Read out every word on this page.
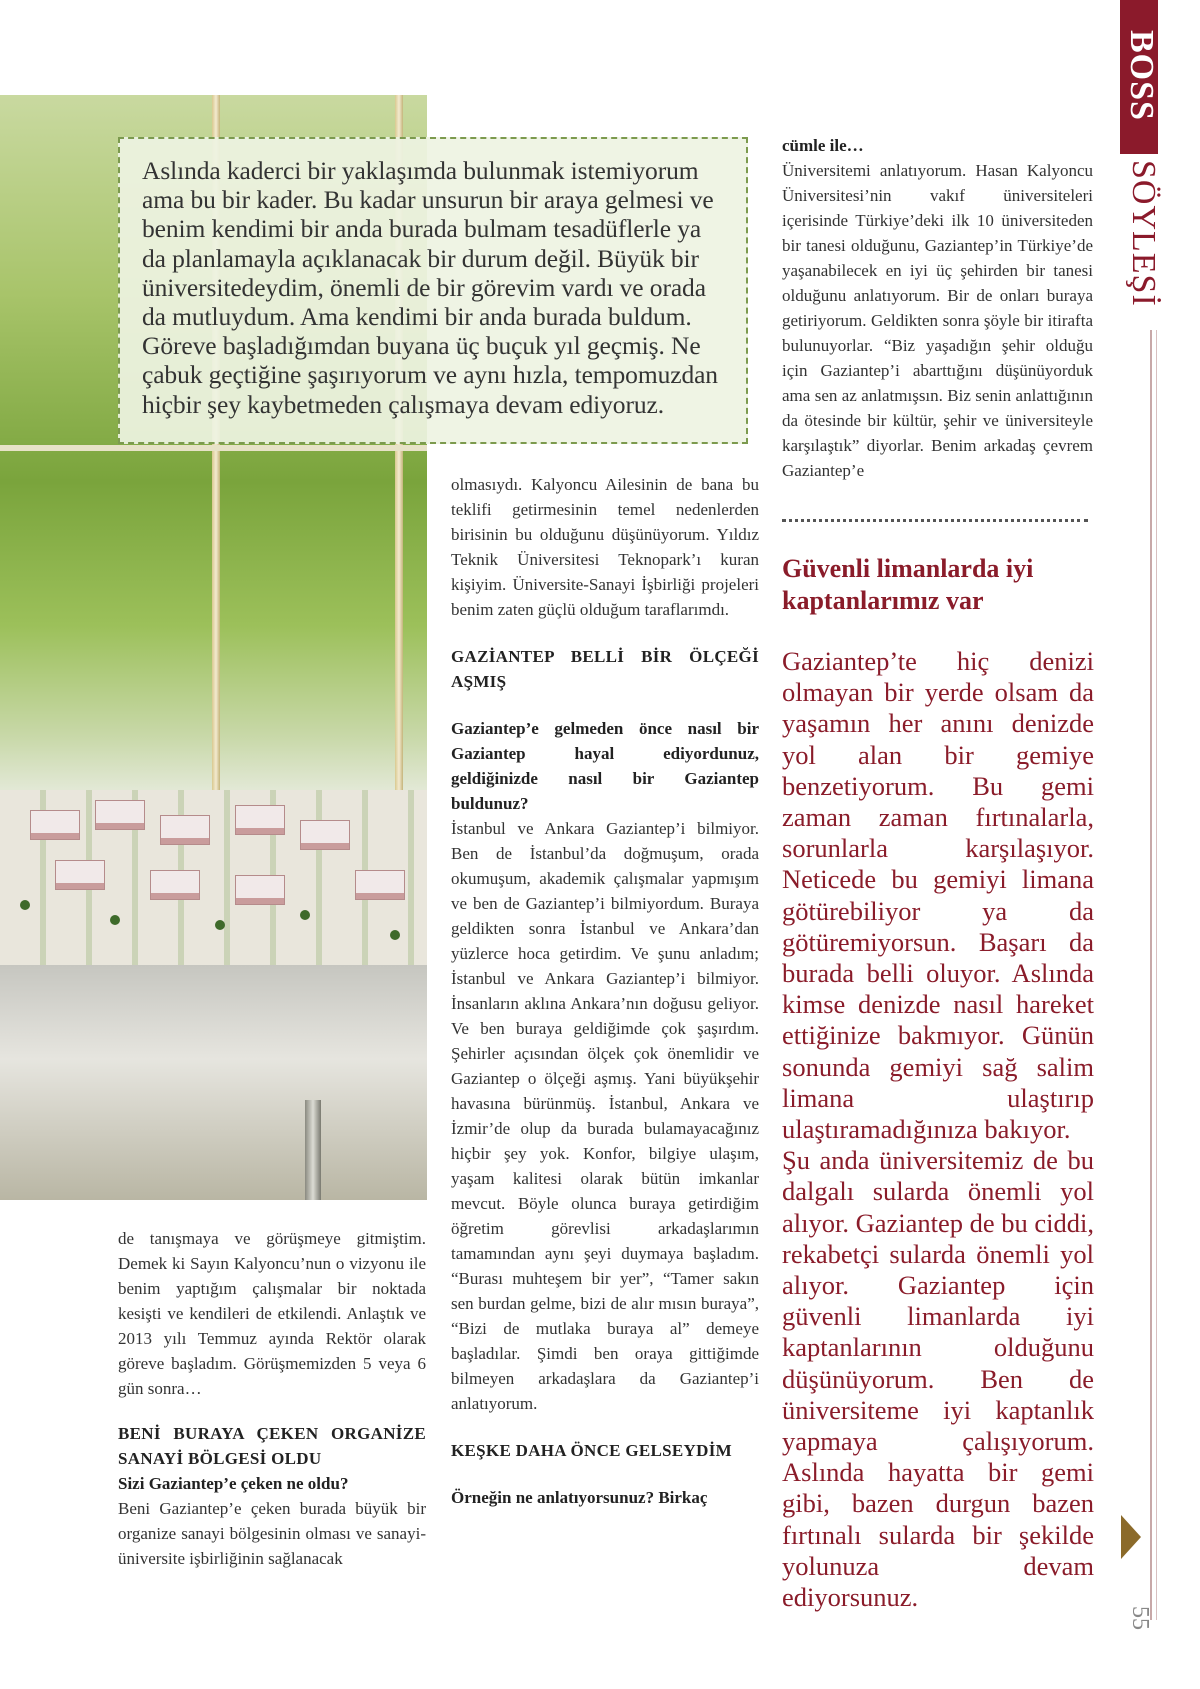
Aslında kaderci bir yaklaşımda bulunmak istemiyorum ama bu bir kader. Bu kadar unsurun bir araya gelmesi ve benim kendimi bir anda burada bulmam tesadüflerle ya da planlamayla açıklanacak bir durum değil. Büyük bir üniversitedeydim, önemli de bir görevim vardı ve orada da mutluydum. Ama kendimi bir anda burada buldum. Göreve başladığımdan buyana üç buçuk yıl geçmiş. Ne çabuk geçtiğine şaşırıyorum ve aynı hızla, tempomuzdan hiçbir şey kaybetmeden çalışmaya devam ediyoruz.

de tanışmaya ve görüşmeye gitmiştim. Demek ki Sayın Kalyoncu’nun o vizyonu ile benim yaptığım çalışmalar bir noktada kesişti ve kendileri de etkilendi. Anlaştık ve 2013 yılı Temmuz ayında Rektör olarak göreve başladım. Görüşmemizden 5 veya 6 gün sonra…

BENİ BURAYA ÇEKEN ORGANİZE SANAYİ BÖLGESİ OLDU

Sizi Gaziantep’e çeken ne oldu?

Beni Gaziantep’e çeken burada büyük bir organize sanayi bölgesinin olması ve sanayi-üniversite işbirliğinin sağlanacak

olmasıydı. Kalyoncu Ailesinin de bana bu teklifi getirmesinin temel nedenlerden birisinin bu olduğunu düşünüyorum. Yıldız Teknik Üniversitesi Teknopark’ı kuran kişiyim. Üniversite-Sanayi İşbirliği projeleri benim zaten güçlü olduğum taraflarımdı.

GAZİANTEP BELLİ BİR ÖLÇEĞİ AŞMIŞ

Gaziantep’e gelmeden önce nasıl bir Gaziantep hayal ediyordunuz, geldiğinizde nasıl bir Gaziantep buldunuz?

İstanbul ve Ankara Gaziantep’i bilmiyor. Ben de İstanbul’da doğmuşum, orada okumuşum, akademik çalışmalar yapmışım ve ben de Gaziantep’i bilmiyordum. Buraya geldikten sonra İstanbul ve Ankara’dan yüzlerce hoca getirdim. Ve şunu anladım; İstanbul ve Ankara Gaziantep’i bilmiyor. İnsanların aklına Ankara’nın doğusu geliyor. Ve ben buraya geldiğimde çok şaşırdım. Şehirler açısından ölçek çok önemlidir ve Gaziantep o ölçeği aşmış. Yani büyükşehir havasına bürünmüş. İstanbul, Ankara ve İzmir’de olup da burada bulamayacağınız hiçbir şey yok. Konfor, bilgiye ulaşım, yaşam kalitesi olarak bütün imkanlar mevcut. Böyle olunca buraya getirdiğim öğretim görevlisi arkadaşlarımın tamamından aynı şeyi duymaya başladım. “Burası muhteşem bir yer”, “Tamer sakın sen burdan gelme, bizi de alır mısın buraya”, “Bizi de mutlaka buraya al” demeye başladılar. Şimdi ben oraya gittiğimde bilmeyen arkadaşlara da Gaziantep’i anlatıyorum.

KEŞKE DAHA ÖNCE GELSEYDİM

Örneğin ne anlatıyorsunuz? Birkaç

cümle ile…

Üniversitemi anlatıyorum. Hasan Kalyoncu Üniversitesi’nin vakıf üniversiteleri içerisinde Türkiye’deki ilk 10 üniversiteden bir tanesi olduğunu, Gaziantep’in Türkiye’de yaşanabilecek en iyi üç şehirden bir tanesi olduğunu anlatıyorum. Bir de onları buraya getiriyorum. Geldikten sonra şöyle bir itirafta bulunuyorlar. “Biz yaşadığın şehir olduğu için Gaziantep’i abarttığını düşünüyorduk ama sen az anlatmışsın. Biz senin anlattığının da ötesinde bir kültür, şehir ve üniversiteyle karşılaştık” diyorlar. Benim arkadaş çevrem Gaziantep’e

Güvenli limanlarda iyi kaptanlarımız var

Gaziantep’te hiç denizi olmayan bir yerde olsam da yaşamın her anını denizde yol alan bir gemiye benzetiyorum. Bu gemi zaman zaman fırtınalarla, sorunlarla karşılaşıyor. Neticede bu gemiyi limana götürebiliyor ya da götüremiyorsun. Başarı da burada belli oluyor. Aslında kimse denizde nasıl hareket ettiğinize bakmıyor. Günün sonunda gemiyi sağ salim limana ulaştırıp ulaştıramadığınıza bakıyor.

Şu anda üniversitemiz de bu dalgalı sularda önemli yol alıyor. Gaziantep de bu ciddi, rekabetçi sularda önemli yol alıyor. Gaziantep için güvenli limanlarda iyi kaptanlarının olduğunu düşünüyorum. Ben de üniversiteme iyi kaptanlık yapmaya çalışıyorum. Aslında hayatta bir gemi gibi, bazen durgun bazen fırtınalı sularda bir şekilde yolunuza devam ediyorsunuz.

BOSS
SÖYLEŞİ
55
